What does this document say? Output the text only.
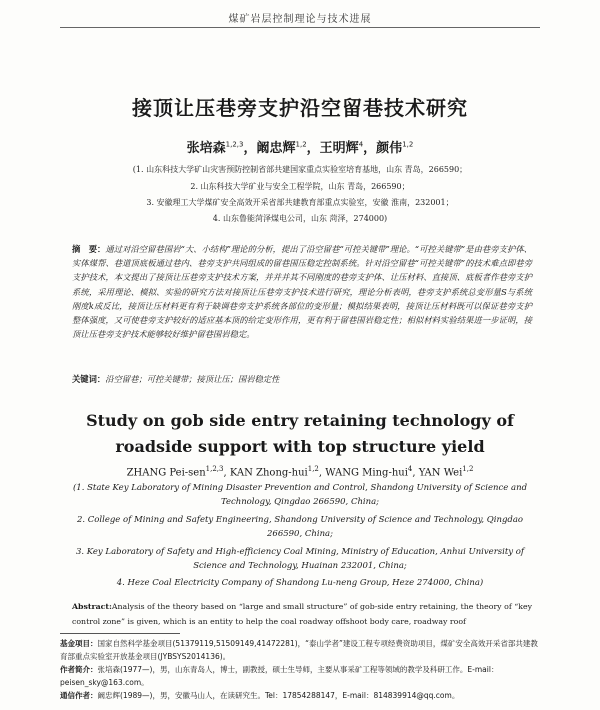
煤矿岩层控制理论与技术进展
接顶让压巷旁支护沿空留巷技术研究
张培森$^{1,2,3}$，阚忠辉$^{1,2}$，王明辉$^4$，颜伟$^{1,2}$
(1. 山东科技大学矿山灾害预防控制省部共建国家重点实验室培育基地，山东 青岛，266590；
2. 山东科技大学矿业与安全工程学院，山东 青岛，266590；
3. 安徽理工大学煤矿安全高效开采省部共建教育部重点实验室，安徽 淮南，232001；
4. 山东鲁能菏泽煤电公司，山东 菏泽，274000)
摘　要：通过对沿空留巷围岩“大、小结构”理论的分析，提出了沿空留巷“可控关键带”理论。“可控关键带”是由巷旁支护体、实体煤帮、巷道顶底板通过巷内、巷旁支护共同组成的留巷围压稳定控制系统。针对沿空留巷“可控关键带”的技术难点即巷旁支护技术，本文提出了接顶让压巷旁支护技术方案，并并并其不同刚度的巷旁支护体、让压材料、直接顶、底板者作巷旁支护系统，采用理论、模拟、实验的研究方法对接顶让压巷旁支护技术进行研究，理论分析表明，巷旁支护系统总变形量S与系统刚度k成反比，接顶让压材料更有利于缺调巷旁支护系统各部位的变形量；模拟结果表明，接顶让压材料既可以保证巷旁支护整体强度，又可使巷旁支护较好的适应基本顶的给定变形作用，更有利于留巷围岩稳定性；相似材料实验结果进一步证明，接顶让压巷旁支护技术能够较好维护留巷围岩稳定。
关键词：沿空留巷；可控关键带；接顶让压；围岩稳定性
Study on gob side entry retaining technology of roadside support with top structure yield
ZHANG Pei-sen$^{1,2,3}$, KAN Zhong-hui$^{1,2}$, WANG Ming-hui$^4$, YAN Wei$^{1,2}$
(1. State Key Laboratory of Mining Disaster Prevention and Control, Shandong University of Science and Technology, Qingdao 266590, China;
2. College of Mining and Safety Engineering, Shandong University of Science and Technology, Qingdao 266590, China;
3. Key Laboratory of Safety and High-efficiency Coal Mining, Ministry of Education, Anhui University of Science and Technology, Huainan 232001, China;
4. Heze Coal Electricity Company of Shandong Lu-neng Group, Heze 274000, China)
Abstract:Analysis of the theory based on “large and small structure” of gob-side entry retaining, the theory of “key control zone” is given, which is an entity to help the coal roadway offshoot body care, roadway roof

基金项目：国家自然科学基金项目(51379119,51509149,41472281)，“泰山学者”建设工程专项经费资助项目，煤矿安全高效开采省部共建教育部重点实验室开放基金项目(JYBSYS2014136)。

作者简介：张培森(1977—)，男，山东青岛人，博士，副教授，硕士生导师，主要从事采矿工程等领域的教学及科研工作。E-mail：peisen_sky@163.com。

通信作者：阚忠辉(1989—)，男，安徽马山人，在读研究生。Tel：17854288147，E-mail：814839914@qq.com。
